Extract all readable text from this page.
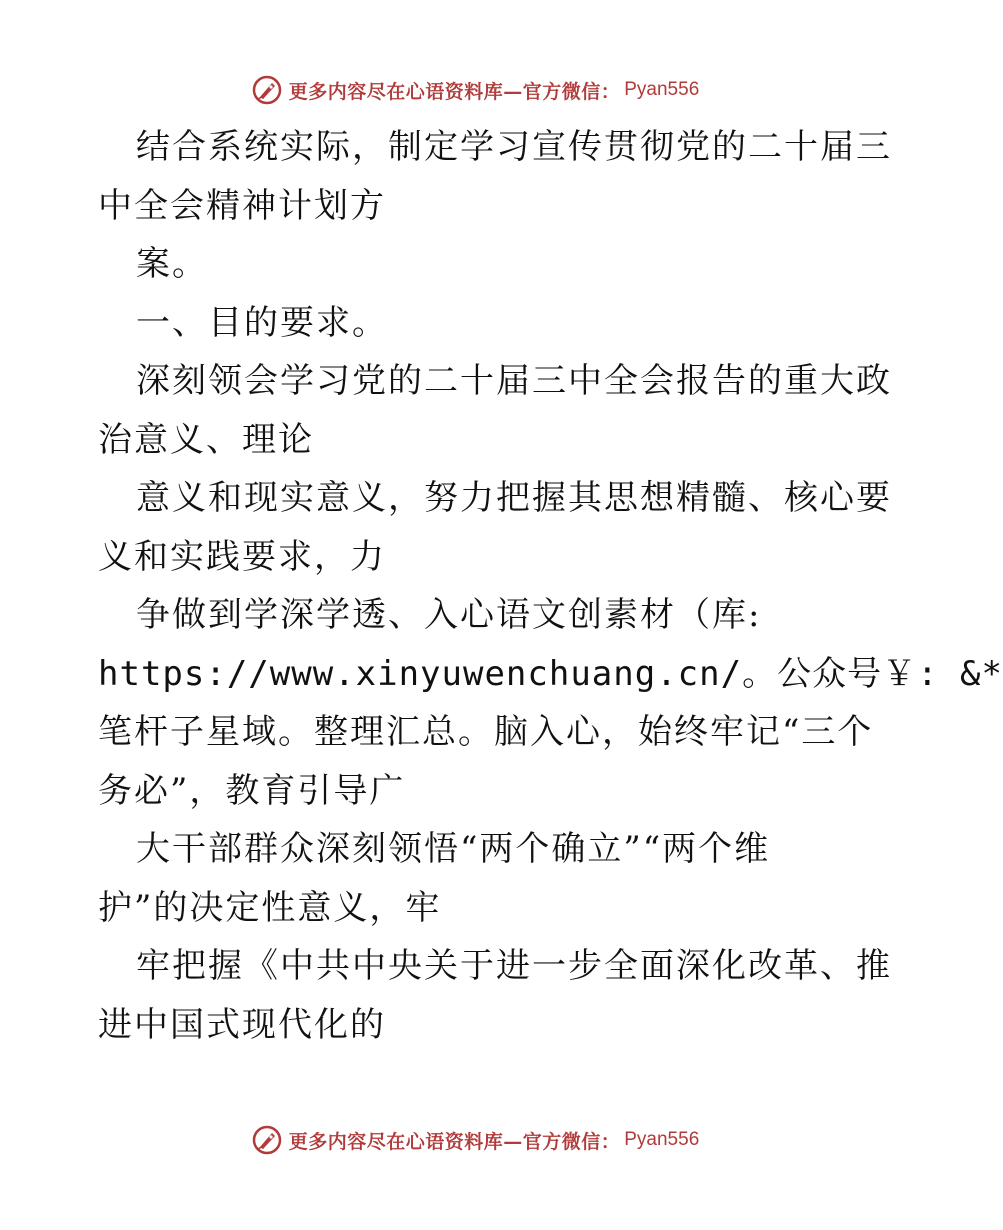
更多内容尽在心语资料库—官方微信： Pyan556
结合系统实际，制定学习宣传贯彻党的二十届三
中全会精神计划方
案。
一、目的要求。
深刻领会学习党的二十届三中全会报告的重大政
治意义、理论
意义和现实意义，努力把握其思想精髓、核心要
义和实践要求，力
争做到学深学透、入心语文创素材（库:
https://www.xinyuwenchuang.cn/。公众号￥: &*
笔杆子星域。整理汇总。脑入心，始终牢记“三个
务必”，教育引导广
大干部群众深刻领悟“两个确立”“两个维
护”的决定性意义，牢
牢把握《中共中央关于进一步全面深化改革、推
进中国式现代化的
更多内容尽在心语资料库—官方微信： Pyan556
